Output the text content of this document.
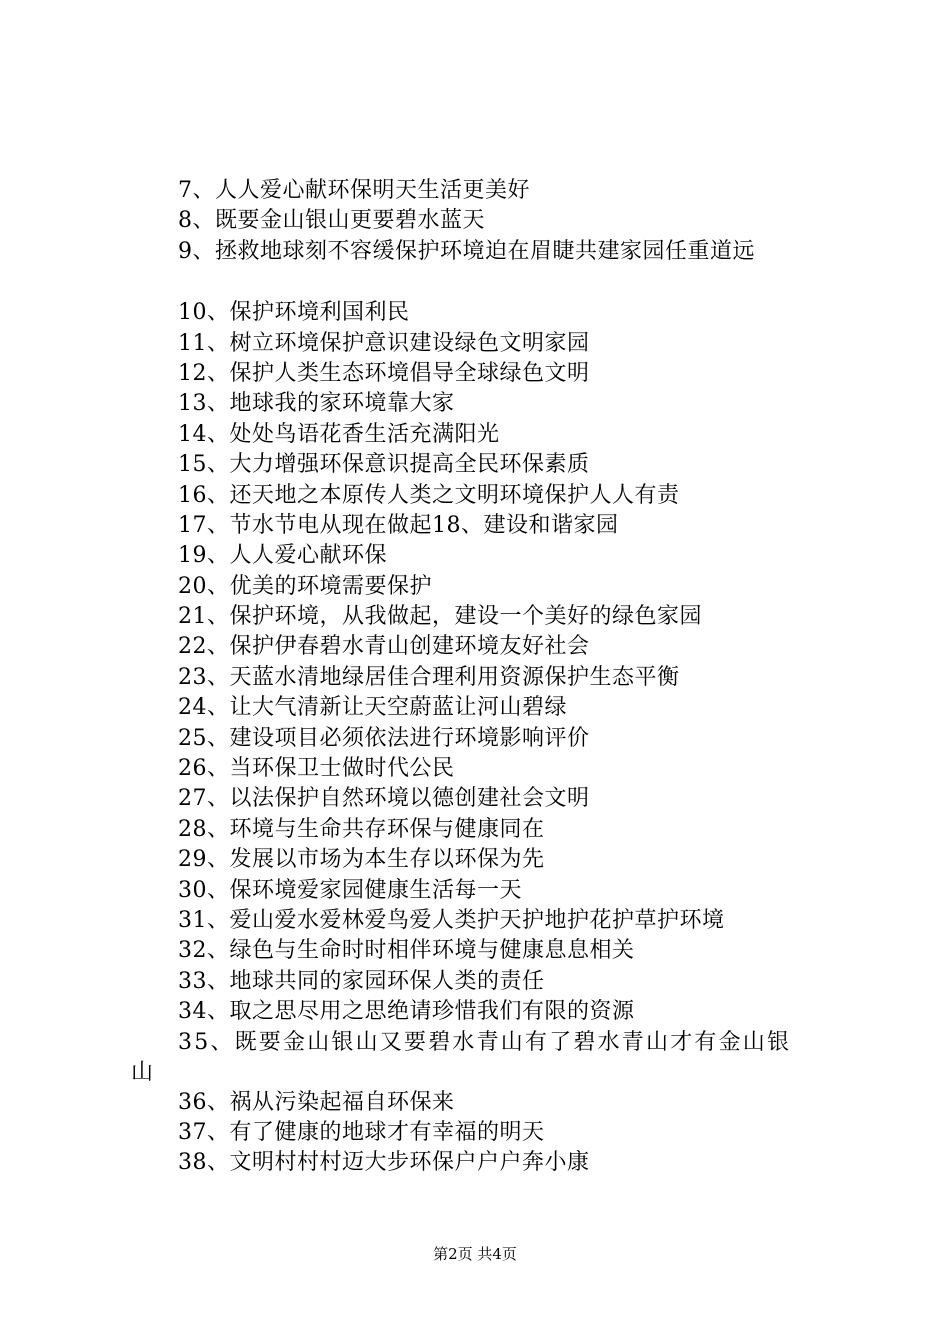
7、人人爱心献环保明天生活更美好
8、既要金山银山更要碧水蓝天
9、拯救地球刻不容缓保护环境迫在眉睫共建家园任重道远
10、保护环境利国利民
11、树立环境保护意识建设绿色文明家园
12、保护人类生态环境倡导全球绿色文明
13、地球我的家环境靠大家
14、处处鸟语花香生活充满阳光
15、大力增强环保意识提高全民环保素质
16、还天地之本原传人类之文明环境保护人人有责
17、节水节电从现在做起18、建设和谐家园
19、人人爱心献环保
20、优美的环境需要保护
21、保护环境，从我做起，建设一个美好的绿色家园
22、保护伊春碧水青山创建环境友好社会
23、天蓝水清地绿居佳合理利用资源保护生态平衡
24、让大气清新让天空蔚蓝让河山碧绿
25、建设项目必须依法进行环境影响评价
26、当环保卫士做时代公民
27、以法保护自然环境以德创建社会文明
28、环境与生命共存环保与健康同在
29、发展以市场为本生存以环保为先
30、保环境爱家园健康生活每一天
31、爱山爱水爱林爱鸟爱人类护天护地护花护草护环境
32、绿色与生命时时相伴环境与健康息息相关
33、地球共同的家园环保人类的责任
34、取之思尽用之思绝请珍惜我们有限的资源
35、既要金山银山又要碧水青山有了碧水青山才有金山银
山
36、祸从污染起福自环保来
37、有了健康的地球才有幸福的明天
38、文明村村村迈大步环保户户户奔小康
第2页 共4页
